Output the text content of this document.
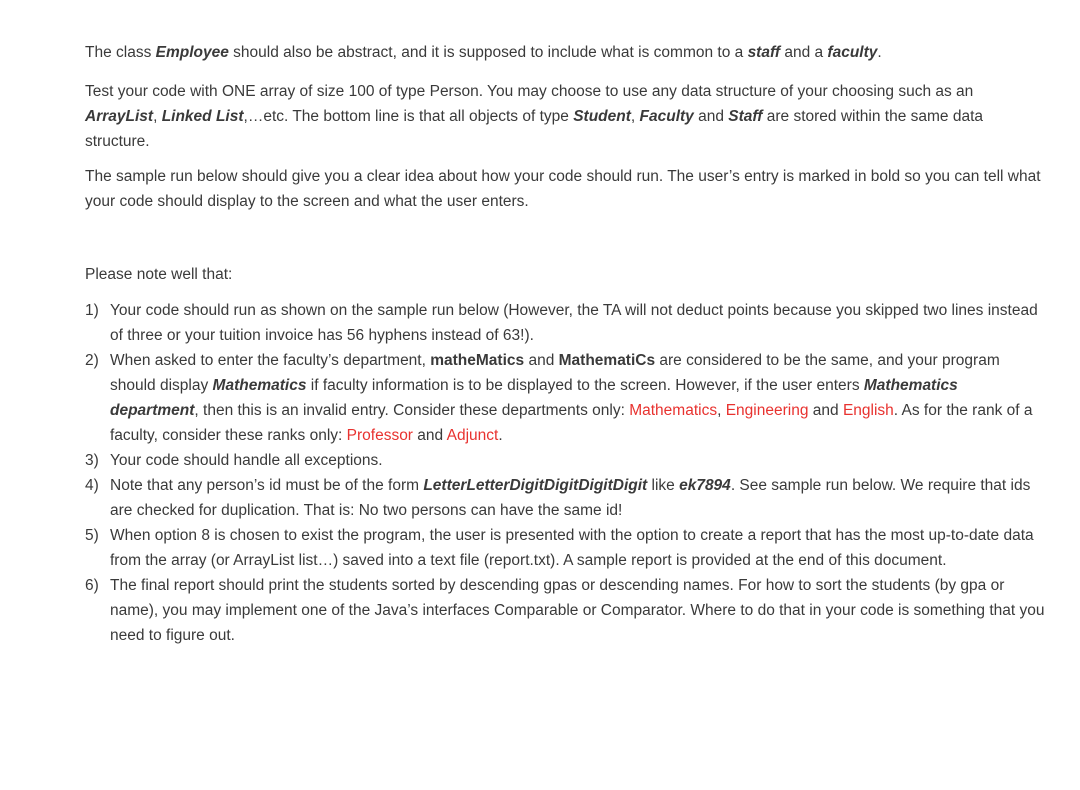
The class Employee should also be abstract, and it is supposed to include what is common to a staff and a faculty.

Test your code with ONE array of size 100 of type Person. You may choose to use any data structure of your choosing such as an ArrayList, Linked List,…etc. The bottom line is that all objects of type Student, Faculty and Staff are stored within the same data structure.

The sample run below should give you a clear idea about how your code should run. The user’s entry is marked in bold so you can tell what your code should display to the screen and what the user enters.

Please note well that:

1) Your code should run as shown on the sample run below (However, the TA will not deduct points because you skipped two lines instead of three or your tuition invoice has 56 hyphens instead of 63!).
2) When asked to enter the faculty’s department, matheMatics and MathematiCs are considered to be the same, and your program should display Mathematics if faculty information is to be displayed to the screen. However, if the user enters Mathematics department, then this is an invalid entry. Consider these departments only: Mathematics, Engineering and English. As for the rank of a faculty, consider these ranks only: Professor and Adjunct.
3) Your code should handle all exceptions.
4) Note that any person’s id must be of the form LetterLetterDigitDigitDigitDigit like ek7894. See sample run below. We require that ids are checked for duplication. That is: No two persons can have the same id!
5) When option 8 is chosen to exist the program, the user is presented with the option to create a report that has the most up-to-date data from the array (or ArrayList list…) saved into a text file (report.txt). A sample report is provided at the end of this document.
6) The final report should print the students sorted by descending gpas or descending names. For how to sort the students (by gpa or name), you may implement one of the Java’s interfaces Comparable or Comparator. Where to do that in your code is something that you need to figure out.
